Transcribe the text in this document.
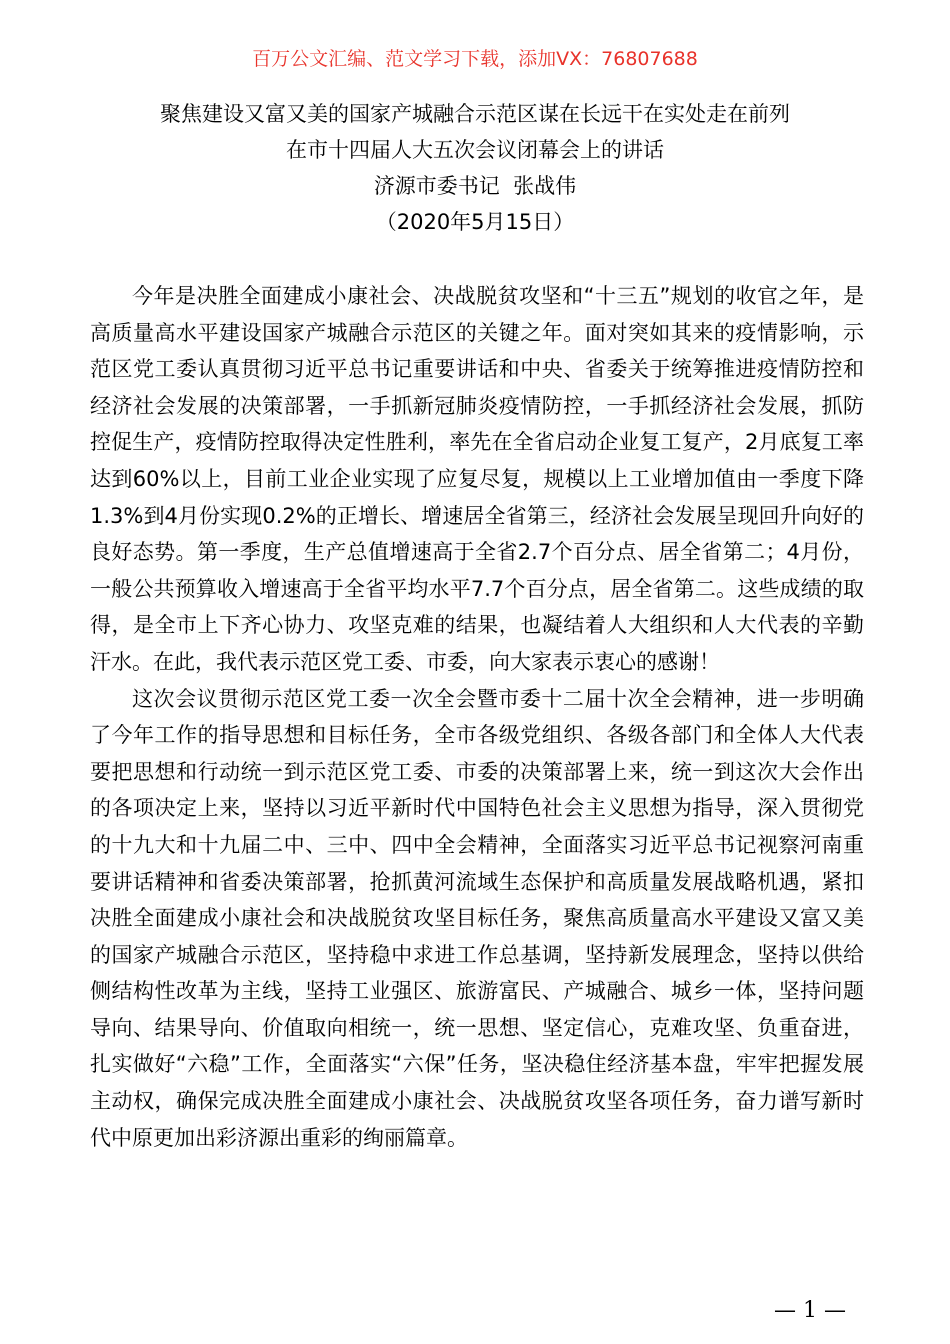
百万公文汇编、范文学习下载，添加VX：76807688
聚焦建设又富又美的国家产城融合示范区谋在长远干在实处走在前列
在市十四届人大五次会议闭幕会上的讲话
济源市委书记  张战伟
（2020年5月15日）

今年是决胜全面建成小康社会、决战脱贫攻坚和“十三五”规划的收官之年，是高质量高水平建设国家产城融合示范区的关键之年。面对突如其来的疫情影响，示范区党工委认真贯彻习近平总书记重要讲话和中央、省委关于统筹推进疫情防控和经济社会发展的决策部署，一手抓新冠肺炎疫情防控，一手抓经济社会发展，抓防控促生产，疫情防控取得决定性胜利，率先在全省启动企业复工复产，2月底复工率达到60%以上，目前工业企业实现了应复尽复，规模以上工业增加值由一季度下降1.3%到4月份实现0.2%的正增长、增速居全省第三，经济社会发展呈现回升向好的良好态势。第一季度，生产总值增速高于全省2.7个百分点、居全省第二；4月份，一般公共预算收入增速高于全省平均水平7.7个百分点，居全省第二。这些成绩的取得，是全市上下齐心协力、攻坚克难的结果，也凝结着人大组织和人大代表的辛勤汗水。在此，我代表示范区党工委、市委，向大家表示衷心的感谢！

这次会议贯彻示范区党工委一次全会暨市委十二届十次全会精神，进一步明确了今年工作的指导思想和目标任务，全市各级党组织、各级各部门和全体人大代表要把思想和行动统一到示范区党工委、市委的决策部署上来，统一到这次大会作出的各项决定上来，坚持以习近平新时代中国特色社会主义思想为指导，深入贯彻党的十九大和十九届二中、三中、四中全会精神，全面落实习近平总书记视察河南重要讲话精神和省委决策部署，抢抓黄河流域生态保护和高质量发展战略机遇，紧扣决胜全面建成小康社会和决战脱贫攻坚目标任务，聚焦高质量高水平建设又富又美的国家产城融合示范区，坚持稳中求进工作总基调，坚持新发展理念，坚持以供给侧结构性改革为主线，坚持工业强区、旅游富民、产城融合、城乡一体，坚持问题导向、结果导向、价值取向相统一，统一思想、坚定信心，克难攻坚、负重奋进，扎实做好“六稳”工作，全面落实“六保”任务，坚决稳住经济基本盘，牢牢把握发展主动权，确保完成决胜全面建成小康社会、决战脱贫攻坚各项任务，奋力谱写新时代中原更加出彩济源出重彩的绚丽篇章。

— 1 —
